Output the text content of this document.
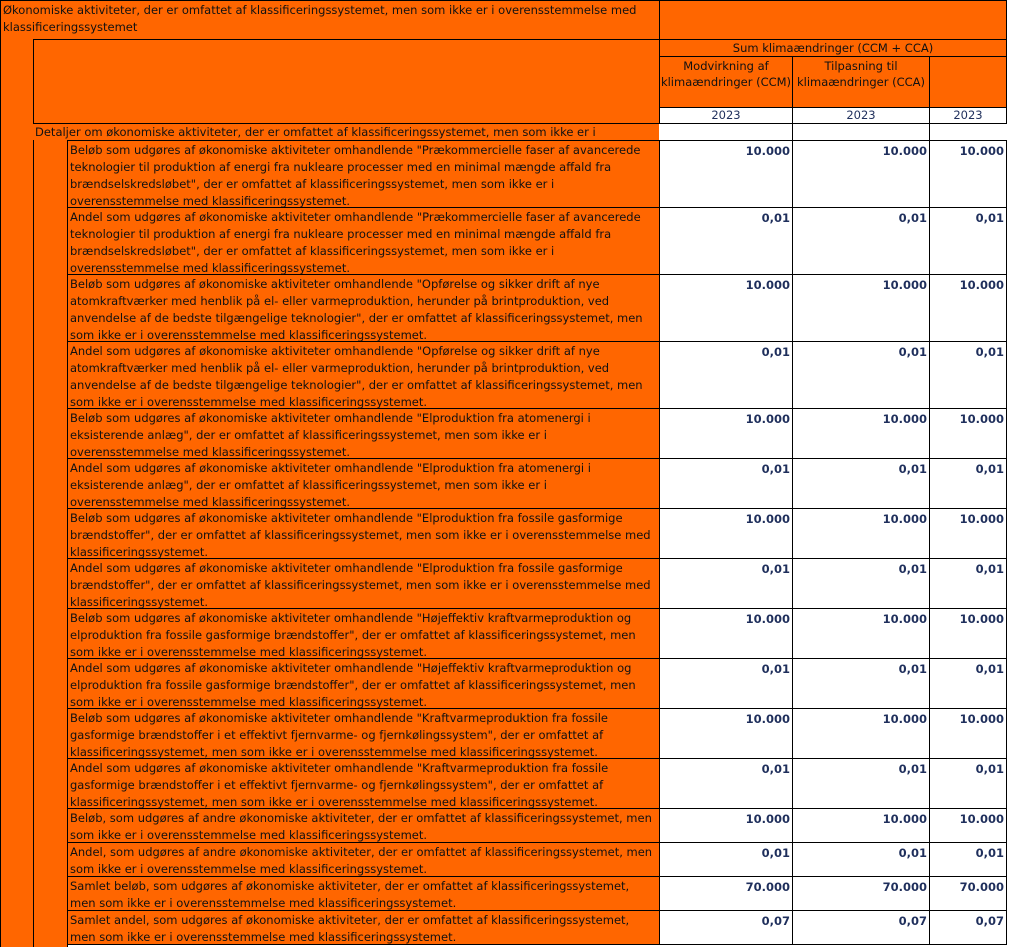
Økonomiske aktiviteter, der er omfattet af klassificeringssystemet, men som ikke er i overensstemmelse med klassificeringssystemet
Sum klimaændringer (CCM + CCA)
Modvirkning af klimaændringer (CCM)
Tilpasning til klimaændringer (CCA)
2023	2023	2023
Detaljer om økonomiske aktiviteter, der er omfattet af klassificeringssystemet, men som ikke er i
Beløb som udgøres af økonomiske aktiviteter omhandlende "Prækommercielle faser af avancerede teknologier til produktion af energi fra nukleare processer med en minimal mængde affald fra brændselskredsløbet", der er omfattet af klassificeringssystemet, men som ikke er i overensstemmelse med klassificeringssystemet.
10.000	10.000	10.000
Andel som udgøres af økonomiske aktiviteter omhandlende "Prækommercielle faser af avancerede teknologier til produktion af energi fra nukleare processer med en minimal mængde affald fra brændselskredsløbet", der er omfattet af klassificeringssystemet, men som ikke er i overensstemmelse med klassificeringssystemet.
0,01	0,01	0,01
Beløb som udgøres af økonomiske aktiviteter omhandlende "Opførelse og sikker drift af nye atomkraftværker med henblik på el- eller varmeproduktion, herunder på brintproduktion, ved anvendelse af de bedste tilgængelige teknologier", der er omfattet af klassificeringssystemet, men som ikke er i overensstemmelse med klassificeringssystemet.
10.000	10.000	10.000
Andel som udgøres af økonomiske aktiviteter omhandlende "Opførelse og sikker drift af nye atomkraftværker med henblik på el- eller varmeproduktion, herunder på brintproduktion, ved anvendelse af de bedste tilgængelige teknologier", der er omfattet af klassificeringssystemet, men som ikke er i overensstemmelse med klassificeringssystemet.
0,01	0,01	0,01
Beløb som udgøres af økonomiske aktiviteter omhandlende "Elproduktion fra atomenergi i eksisterende anlæg", der er omfattet af klassificeringssystemet, men som ikke er i overensstemmelse med klassificeringssystemet.
10.000	10.000	10.000
Andel som udgøres af økonomiske aktiviteter omhandlende "Elproduktion fra atomenergi i eksisterende anlæg", der er omfattet af klassificeringssystemet, men som ikke er i overensstemmelse med klassificeringssystemet.
0,01	0,01	0,01
Beløb som udgøres af økonomiske aktiviteter omhandlende "Elproduktion fra fossile gasformige brændstoffer", der er omfattet af klassificeringssystemet, men som ikke er i overensstemmelse med klassificeringssystemet.
10.000	10.000	10.000
Andel som udgøres af økonomiske aktiviteter omhandlende "Elproduktion fra fossile gasformige brændstoffer", der er omfattet af klassificeringssystemet, men som ikke er i overensstemmelse med klassificeringssystemet.
0,01	0,01	0,01
Beløb som udgøres af økonomiske aktiviteter omhandlende "Højeffektiv kraftvarmeproduktion og elproduktion fra fossile gasformige brændstoffer", der er omfattet af klassificeringssystemet, men som ikke er i overensstemmelse med klassificeringssystemet.
10.000	10.000	10.000
Andel som udgøres af økonomiske aktiviteter omhandlende "Højeffektiv kraftvarmeproduktion og elproduktion fra fossile gasformige brændstoffer", der er omfattet af klassificeringssystemet, men som ikke er i overensstemmelse med klassificeringssystemet.
0,01	0,01	0,01
Beløb som udgøres af økonomiske aktiviteter omhandlende "Kraftvarmeproduktion fra fossile gasformige brændstoffer i et effektivt fjernvarme- og fjernkølingssystem", der er omfattet af klassificeringssystemet, men som ikke er i overensstemmelse med klassificeringssystemet.
10.000	10.000	10.000
Andel som udgøres af økonomiske aktiviteter omhandlende "Kraftvarmeproduktion fra fossile gasformige brændstoffer i et effektivt fjernvarme- og fjernkølingssystem", der er omfattet af klassificeringssystemet, men som ikke er i overensstemmelse med klassificeringssystemet.
0,01	0,01	0,01
Beløb, som udgøres af andre økonomiske aktiviteter, der er omfattet af klassificeringssystemet, men som ikke er i overensstemmelse med klassificeringssystemet.
10.000	10.000	10.000
Andel, som udgøres af andre økonomiske aktiviteter, der er omfattet af klassificeringssystemet, men som ikke er i overensstemmelse med klassificeringssystemet.
0,01	0,01	0,01
Samlet beløb, som udgøres af økonomiske aktiviteter, der er omfattet af klassificeringssystemet, men som ikke er i overensstemmelse med klassificeringssystemet.
70.000	70.000	70.000
Samlet andel, som udgøres af økonomiske aktiviteter, der er omfattet af klassificeringssystemet, men som ikke er i overensstemmelse med klassificeringssystemet.
0,07	0,07	0,07
